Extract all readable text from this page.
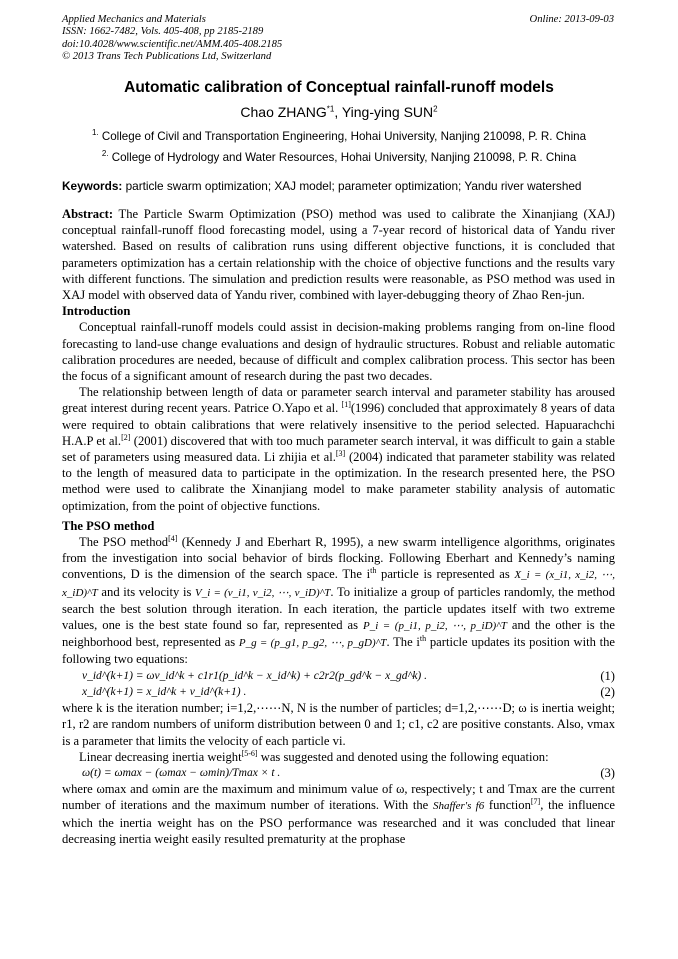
Applied Mechanics and Materials
ISSN: 1662-7482, Vols. 405-408, pp 2185-2189
doi:10.4028/www.scientific.net/AMM.405-408.2185
© 2013 Trans Tech Publications Ltd, Switzerland
Online: 2013-09-03
Automatic calibration of Conceptual rainfall-runoff models
Chao ZHANG$^{*1}$, Ying-ying SUN$^2$
$^{1.}$ College of Civil and Transportation Engineering, Hohai University, Nanjing 210098, P. R. China
$^{2.}$ College of Hydrology and Water Resources, Hohai University, Nanjing 210098, P. R. China
Keywords: particle swarm optimization; XAJ model; parameter optimization; Yandu river watershed

Abstract: The Particle Swarm Optimization (PSO) method was used to calibrate the Xinanjiang (XAJ) conceptual rainfall-runoff flood forecasting model, using a 7-year record of historical data of Yandu river watershed. Based on results of calibration runs using different objective functions, it is concluded that parameters optimization has a certain relationship with the choice of objective functions and the results vary with different functions. The simulation and prediction results were reasonable, as PSO method was used in XAJ model with observed data of Yandu river, combined with layer-debugging theory of Zhao Ren-jun.

Introduction

Conceptual rainfall-runoff models could assist in decision-making problems ranging from on-line flood forecasting to land-use change evaluations and design of hydraulic structures. Robust and reliable automatic calibration procedures are needed, because of difficult and complex calibration process. This sector has been the focus of a significant amount of research during the past two decades.

The relationship between length of data or parameter search interval and parameter stability has aroused great interest during recent years. Patrice O.Yapo et al. [1](1996) concluded that approximately 8 years of data were required to obtain calibrations that were relatively insensitive to the period selected. Hapuarachchi H.A.P et al.[2] (2001) discovered that with too much parameter search interval, it was difficult to gain a stable set of parameters using measured data. Li zhijia et al.[3] (2004) indicated that parameter stability was related to the length of measured data to participate in the optimization. In the research presented here, the PSO method were used to calibrate the Xinanjiang model to make parameter stability analysis of automatic optimization, from the point of objective functions.

The PSO method

The PSO method[4] (Kennedy J and Eberhart R, 1995), a new swarm intelligence algorithms, originates from the investigation into social behavior of birds flocking. Following Eberhart and Kennedy’s naming conventions, D is the dimension of the search space. The $i^{th}$ particle is represented as X_i = (x_i1, x_i2, ⋯, x_iD)^T and its velocity is V_i = (v_i1, v_i2, ⋯, v_iD)^T. To initialize a group of particles randomly, the method search the best solution through iteration. In each iteration, the particle updates itself with two extreme values, one is the best state found so far, represented as P_i = (p_i1, p_i2, ⋯, p_iD)^T and the other is the neighborhood best, represented as P_g = (p_g1, p_g2, ⋯, p_gD)^T. The $i^{th}$ particle updates its position with the following two equations:

v_id^(k+1) = ωv_id^k + c1r1(p_id^k − x_id^k) + c2r2(p_gd^k − x_gd^k) .	(1)
x_id^(k+1) = x_id^k + v_id^(k+1) .	(2)

where k is the iteration number; i=1,2,⋯⋯N, N is the number of particles; d=1,2,⋯⋯D; ω is inertia weight; r1, r2 are random numbers of uniform distribution between 0 and 1; c1, c2 are positive constants. Also, vmax is a parameter that limits the velocity of each particle vi.

Linear decreasing inertia weight[5-6] was suggested and denoted using the following equation:

ω(t) = ωmax − (ωmax − ωmin)/Tmax × t .	(3)

where ωmax and ωmin are the maximum and minimum value of ω, respectively; t and Tmax are the current number of iterations and the maximum number of iterations. With the Shaffer's f6 function[7], the influence which the inertia weight has on the PSO performance was researched and it was concluded that linear decreasing inertia weight easily resulted prematurity at the prophase
